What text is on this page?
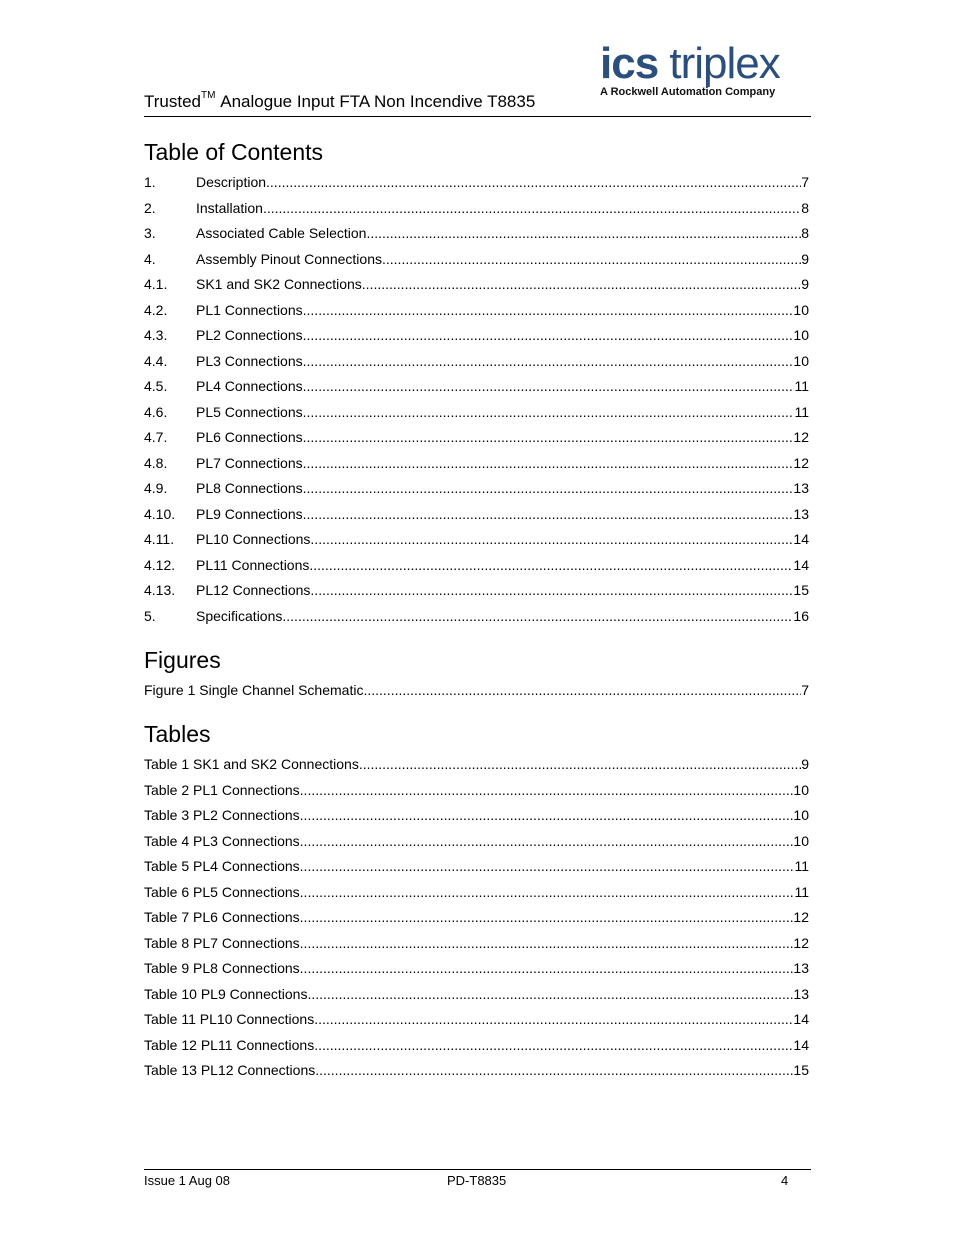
Trusted™ Analogue Input FTA Non Incendive T8835
ics triplex
A Rockwell Automation Company
Table of Contents
1.	Description .....	7
2.	Installation .....	8
3.	Associated Cable Selection .....	8
4.	Assembly Pinout Connections .....	9
4.1.	SK1 and SK2 Connections .....	9
4.2.	PL1 Connections .....	10
4.3.	PL2 Connections .....	10
4.4.	PL3 Connections .....	10
4.5.	PL4 Connections .....	11
4.6.	PL5 Connections .....	11
4.7.	PL6 Connections .....	12
4.8.	PL7 Connections .....	12
4.9.	PL8 Connections .....	13
4.10.	PL9 Connections .....	13
4.11.	PL10 Connections .....	14
4.12.	PL11 Connections .....	14
4.13.	PL12 Connections .....	15
5.	Specifications .....	16
Figures
Figure 1 Single Channel Schematic .....	7
Tables
Table 1 SK1 and SK2 Connections .....	9
Table 2 PL1 Connections .....	10
Table 3 PL2 Connections .....	10
Table 4 PL3 Connections .....	10
Table 5 PL4 Connections .....	11
Table 6 PL5 Connections .....	11
Table 7 PL6 Connections .....	12
Table 8 PL7 Connections .....	12
Table 9 PL8 Connections .....	13
Table 10 PL9 Connections .....	13
Table 11 PL10 Connections .....	14
Table 12 PL11 Connections .....	14
Table 13 PL12 Connections .....	15
Issue 1 Aug 08	PD-T8835	4
